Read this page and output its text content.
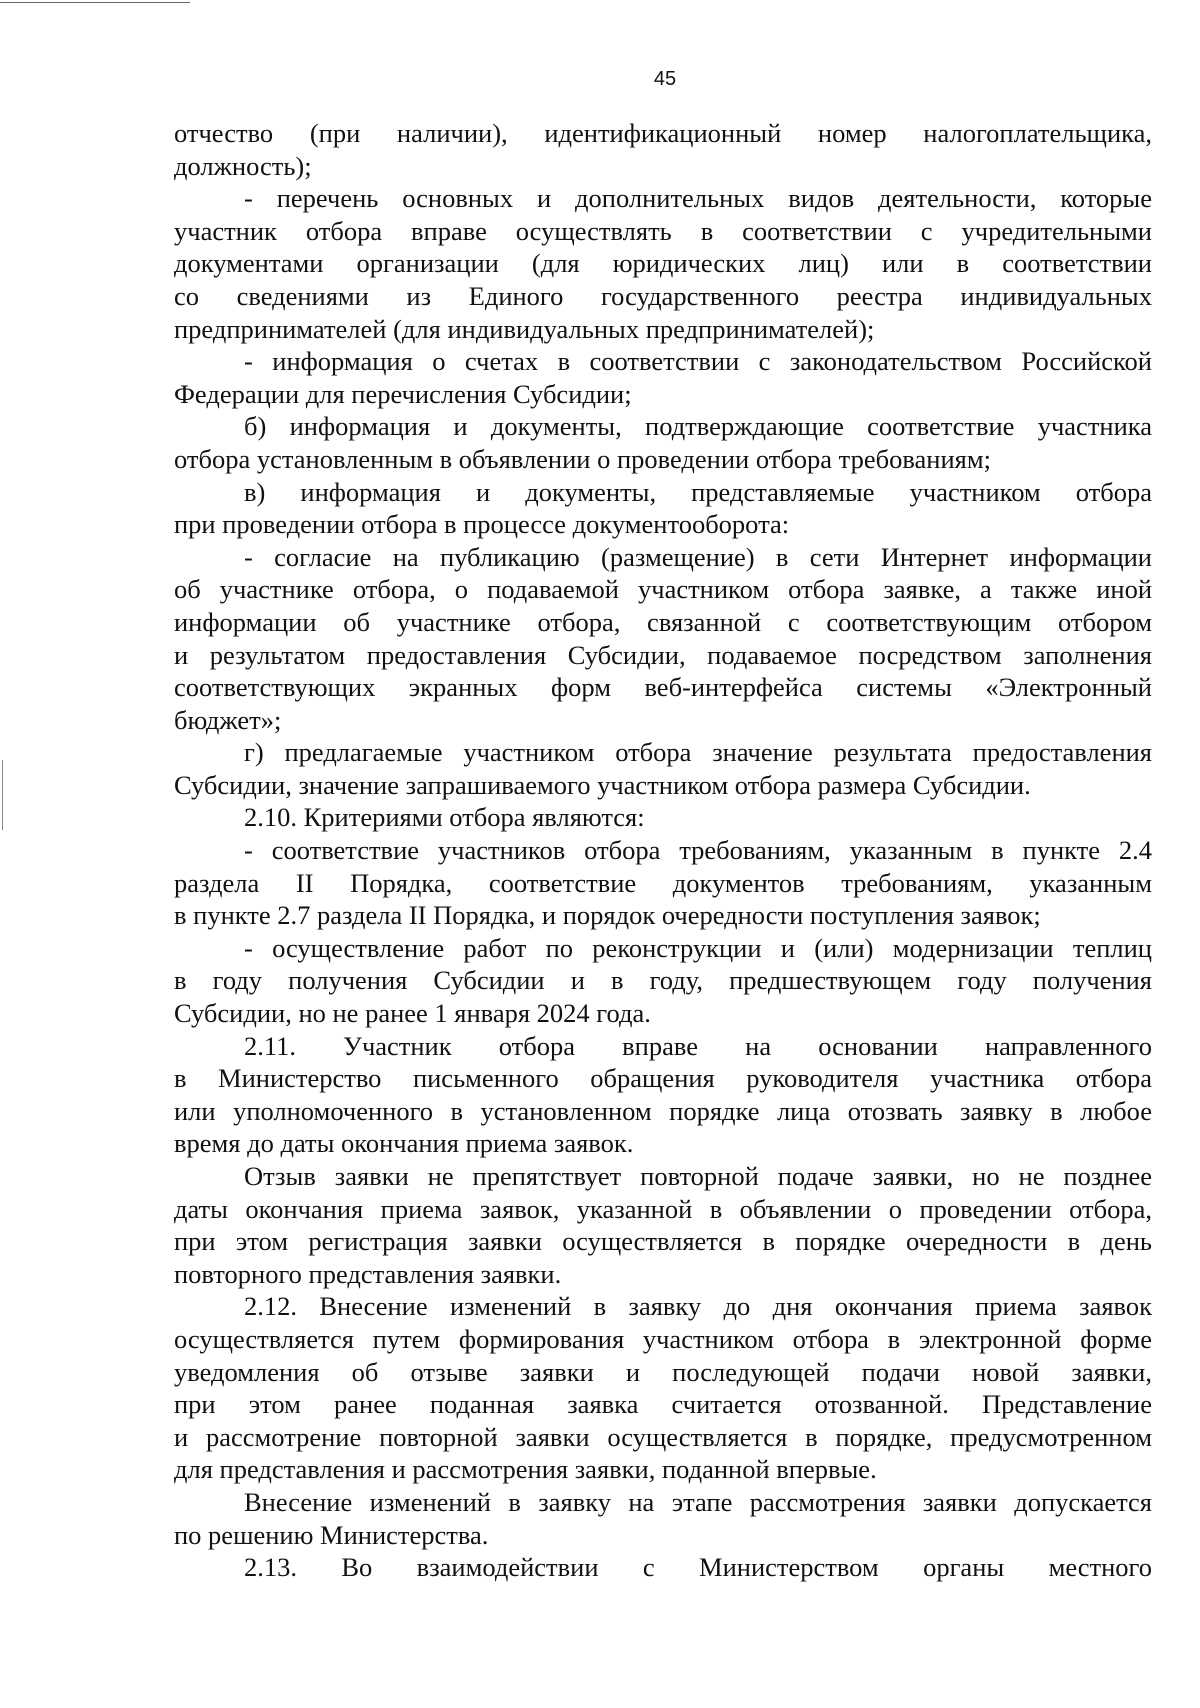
45
отчество (при наличии), идентификационный номер налогоплательщика,
должность);
- перечень основных и дополнительных видов деятельности, которые
участник отбора вправе осуществлять в соответствии с учредительными
документами организации (для юридических лиц) или в соответствии
со сведениями из Единого государственного реестра индивидуальных
предпринимателей (для индивидуальных предпринимателей);
- информация о счетах в соответствии с законодательством Российской
Федерации для перечисления Субсидии;
б) информация и документы, подтверждающие соответствие участника
отбора установленным в объявлении о проведении отбора требованиям;
в) информация и документы, представляемые участником отбора
при проведении отбора в процессе документооборота:
- согласие на публикацию (размещение) в сети Интернет информации
об участнике отбора, о подаваемой участником отбора заявке, а также иной
информации об участнике отбора, связанной с соответствующим отбором
и результатом предоставления Субсидии, подаваемое посредством заполнения
соответствующих экранных форм веб-интерфейса системы «Электронный
бюджет»;
г) предлагаемые участником отбора значение результата предоставления
Субсидии, значение запрашиваемого участником отбора размера Субсидии.
2.10. Критериями отбора являются:
- соответствие участников отбора требованиям, указанным в пункте 2.4
раздела II Порядка, соответствие документов требованиям, указанным
в пункте 2.7 раздела II Порядка, и порядок очередности поступления заявок;
- осуществление работ по реконструкции и (или) модернизации теплиц
в году получения Субсидии и в году, предшествующем году получения
Субсидии, но не ранее 1 января 2024 года.
2.11. Участник отбора вправе на основании направленного
в Министерство письменного обращения руководителя участника отбора
или уполномоченного в установленном порядке лица отозвать заявку в любое
время до даты окончания приема заявок.
Отзыв заявки не препятствует повторной подаче заявки, но не позднее
даты окончания приема заявок, указанной в объявлении о проведении отбора,
при этом регистрация заявки осуществляется в порядке очередности в день
повторного представления заявки.
2.12. Внесение изменений в заявку до дня окончания приема заявок
осуществляется путем формирования участником отбора в электронной форме
уведомления об отзыве заявки и последующей подачи новой заявки,
при этом ранее поданная заявка считается отозванной. Представление
и рассмотрение повторной заявки осуществляется в порядке, предусмотренном
для представления и рассмотрения заявки, поданной впервые.
Внесение изменений в заявку на этапе рассмотрения заявки допускается
по решению Министерства.
2.13. Во взаимодействии с Министерством органы местного
